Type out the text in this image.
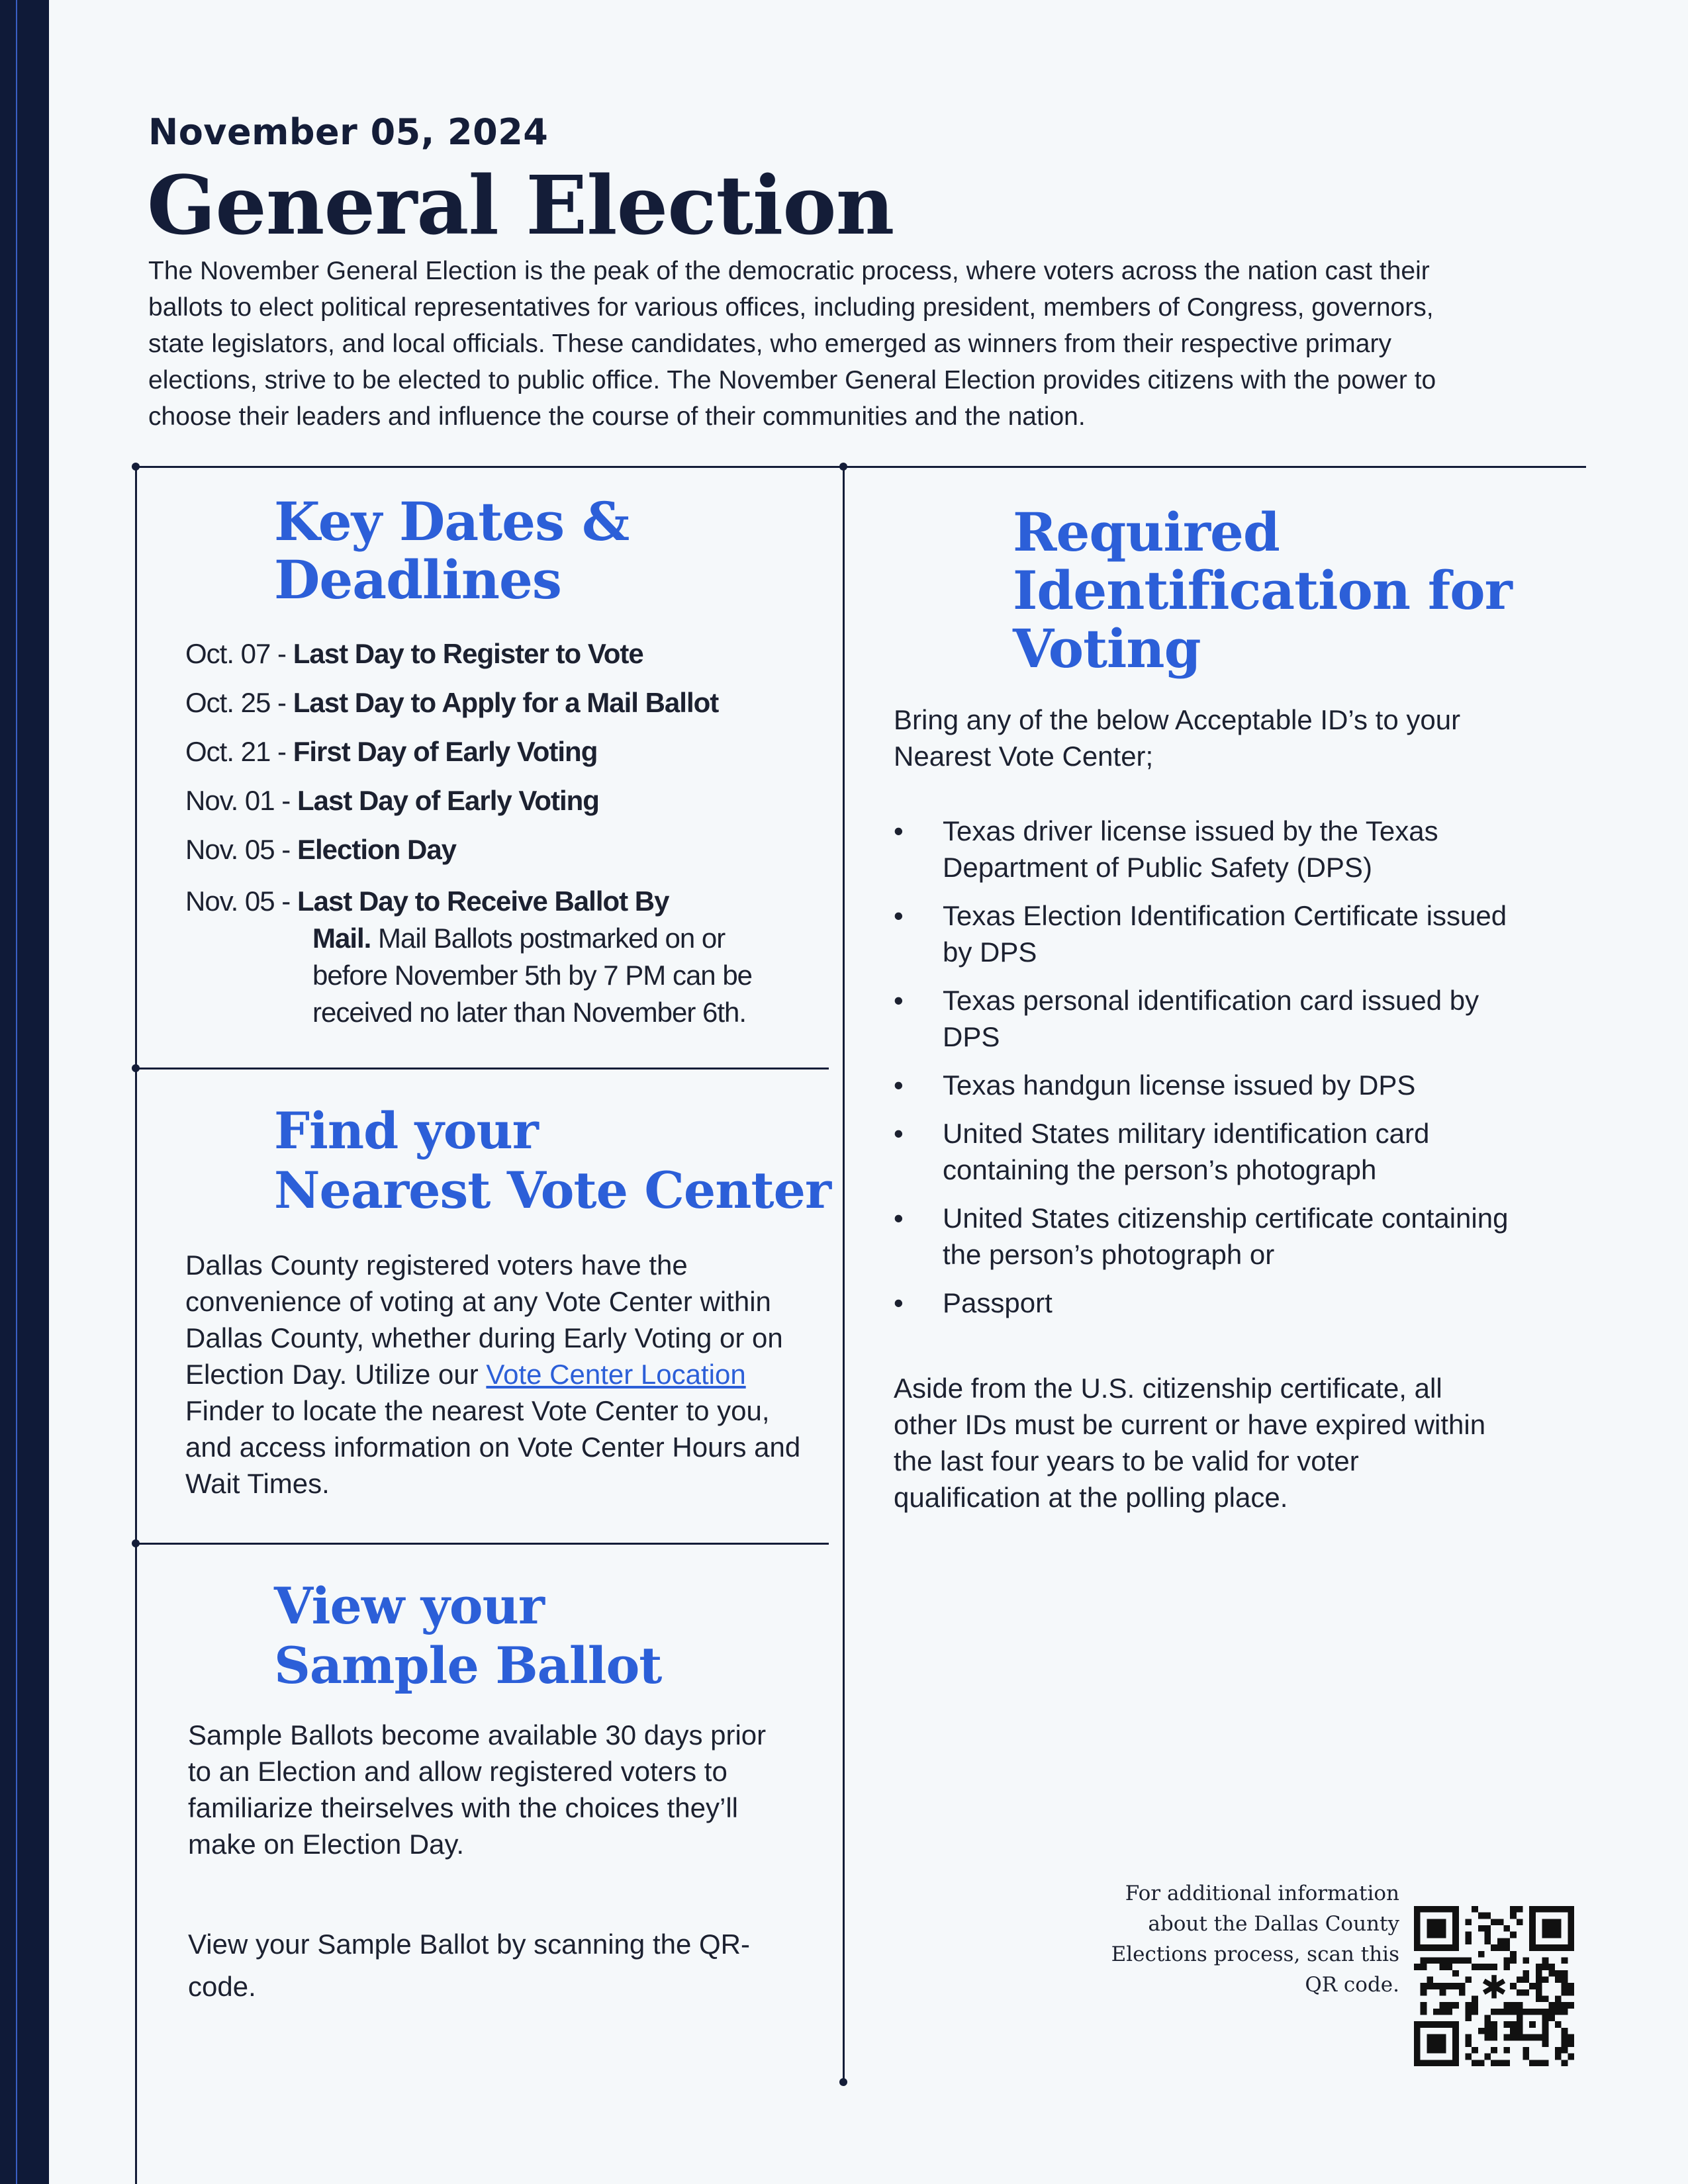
November 05, 2024
General Election
The November General Election is the peak of the democratic process, where voters across the nation cast their
ballots to elect political representatives for various offices, including president, members of Congress, governors,
state legislators, and local officials. These candidates, who emerged as winners from their respective primary
elections, strive to be elected to public office. The November General Election provides citizens with the power to
choose their leaders and influence the course of their communities and the nation.
Key Dates &
Deadlines
Oct. 07 - Last Day to Register to Vote
Oct. 25 - Last Day to Apply for a Mail Ballot
Oct. 21 - First Day of Early Voting
Nov. 01 - Last Day of Early Voting
Nov. 05 - Election Day
Nov. 05 - Last Day to Receive Ballot By
Mail. Mail Ballots postmarked on or
before November 5th by 7 PM can be
received no later than November 6th.
Find your
Nearest Vote Center
Dallas County registered voters have the convenience of voting at any Vote Center within Dallas County, whether during Early Voting or on Election Day. Utilize our Vote Center Location Finder to locate the nearest Vote Center to you, and access information on Vote Center Hours and Wait Times.
View your
Sample Ballot
Sample Ballots become available 30 days prior to an Election and allow registered voters to familiarize theirselves with the choices they’ll make on Election Day.
View your Sample Ballot by scanning the QR-code.
Required
Identification for
Voting
Bring any of the below Acceptable ID’s to your Nearest Vote Center;
• Texas driver license issued by the Texas Department of Public Safety (DPS)
• Texas Election Identification Certificate issued by DPS
• Texas personal identification card issued by DPS
• Texas handgun license issued by DPS
• United States military identification card containing the person’s photograph
• United States citizenship certificate containing the person’s photograph or
• Passport
Aside from the U.S. citizenship certificate, all other IDs must be current or have expired within the last four years to be valid for voter qualification at the polling place.
For additional information
about the Dallas County
Elections process, scan this
QR code.	✱
